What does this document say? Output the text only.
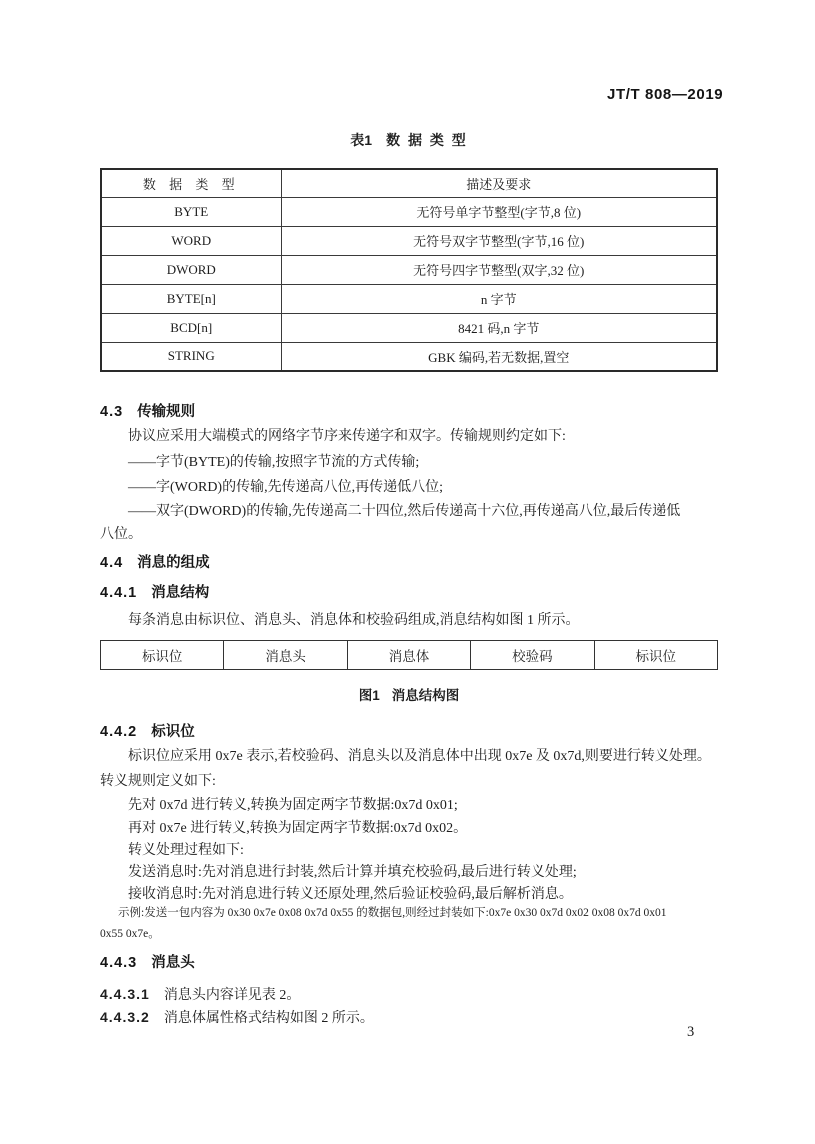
JT/T 808—2019
表1 数 据 类 型
数 据 类 型	描述及要求
BYTE	无符号单字节整型(字节,8 位)
WORD	无符号双字节整型(字节,16 位)
DWORD	无符号四字节整型(双字,32 位)
BYTE[n]	n 字节
BCD[n]	8421 码,n 字节
STRING	GBK 编码,若无数据,置空
4.3 传输规则
协议应采用大端模式的网络字节序来传递字和双字。传输规则约定如下:
——字节(BYTE)的传输,按照字节流的方式传输;
——字(WORD)的传输,先传递高八位,再传递低八位;
——双字(DWORD)的传输,先传递高二十四位,然后传递高十六位,再传递高八位,最后传递低
八位。
4.4 消息的组成
4.4.1 消息结构
每条消息由标识位、消息头、消息体和校验码组成,消息结构如图 1 所示。
标识位	消息头	消息体	校验码	标识位
图1 消息结构图
4.4.2 标识位
标识位应采用 0x7e 表示,若校验码、消息头以及消息体中出现 0x7e 及 0x7d,则要进行转义处理。
转义规则定义如下:
先对 0x7d 进行转义,转换为固定两字节数据:0x7d 0x01;
再对 0x7e 进行转义,转换为固定两字节数据:0x7d 0x02。
转义处理过程如下:
发送消息时:先对消息进行封装,然后计算并填充校验码,最后进行转义处理;
接收消息时:先对消息进行转义还原处理,然后验证校验码,最后解析消息。
示例:发送一包内容为 0x30 0x7e 0x08 0x7d 0x55 的数据包,则经过封装如下:0x7e 0x30 0x7d 0x02 0x08 0x7d 0x01
0x55 0x7e。
4.4.3 消息头
4.4.3.1 消息头内容详见表 2。
4.4.3.2 消息体属性格式结构如图 2 所示。
3
